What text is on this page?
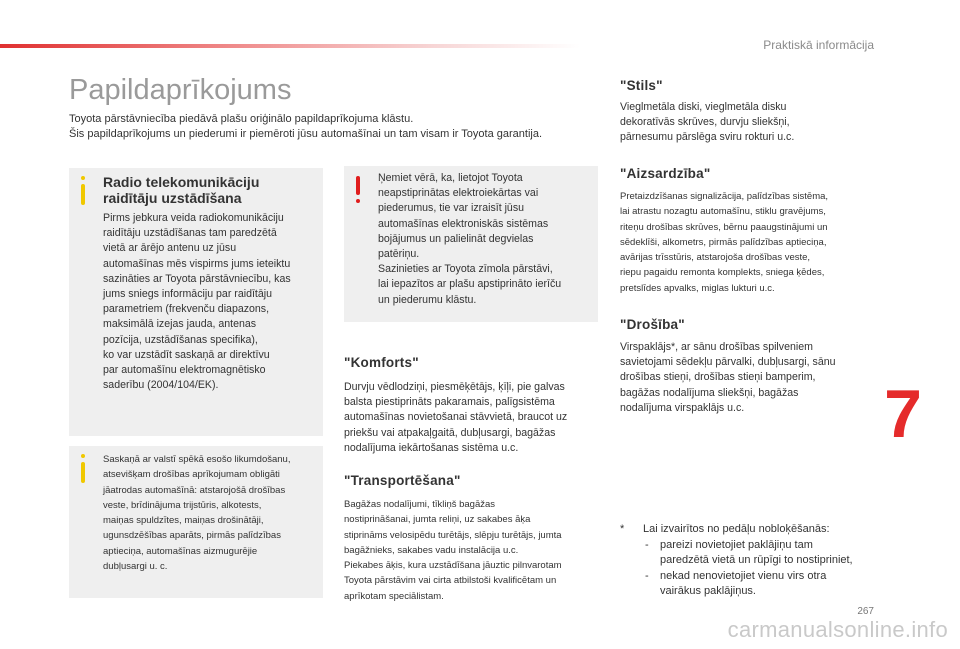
Praktiskā informācija
Papildaprīkojums
Toyota pārstāvniecība piedāvā plašu oriģinālo papildaprīkojuma klāstu.
Šis papildaprīkojums un piederumi ir piemēroti jūsu automašīnai un tam visam ir Toyota garantija.
Radio telekomunikāciju
raidītāju uzstādīšana
Pirms jebkura veida radiokomunikāciju
raidītāju uzstādīšanas tam paredzētā
vietā ar ārējo antenu uz jūsu
automašīnas mēs vispirms jums ieteiktu
sazināties ar Toyota pārstāvniecību, kas
jums sniegs informāciju par raidītāju
parametriem (frekvenču diapazons,
maksimālā izejas jauda, antenas
pozīcija, uzstādīšanas specifika),
ko var uzstādīt saskaņā ar direktīvu
par automašīnu elektromagnētisko
saderību (2004/104/EK).
Saskaņā ar valstī spēkā esošo likumdošanu,
atsevišķam drošības aprīkojumam obligāti
jāatrodas automašīnā: atstarojošā drošības
veste, brīdinājuma trijstūris, alkotests,
maiņas spuldzītes, maiņas drošinātāji,
ugunsdzēšības aparāts, pirmās palīdzības
aptieciņa, automašīnas aizmugurējie
dubļusargi u. c.
Ņemiet vērā, ka, lietojot Toyota
neapstiprinātas elektroiekārtas vai
piederumus, tie var izraisīt jūsu
automašīnas elektroniskās sistēmas
bojājumus un palielināt degvielas
patēriņu.
Sazinieties ar Toyota zīmola pārstāvi,
lai iepazītos ar plašu apstiprināto ierīču
un piederumu klāstu.
"Komforts"
Durvju vēdlodziņi, piesmēķētājs, ķīļi, pie galvas
balsta piestiprināts pakaramais, palīgsistēma
automašīnas novietošanai stāvvietā, braucot uz
priekšu vai atpakaļgaitā, dubļusargi, bagāžas
nodalījuma iekārtošanas sistēma u.c.
"Transportēšana"
Bagāžas nodalījumi, tīkliņš bagāžas
nostiprināšanai, jumta reliņi, uz sakabes āķa
stiprināms velosipēdu turētājs, slēpju turētājs, jumta
bagāžnieks, sakabes vadu instalācija u.c.
Piekabes āķis, kura uzstādīšana jāuztic pilnvarotam
Toyota pārstāvim vai cirta atbilstoši kvalificētam un
aprīkotam speciālistam.
"Stils"
Vieglmetāla diski, vieglmetāla disku
dekoratīvās skrūves, durvju sliekšņi,
pārnesumu pārslēga sviru rokturi u.c.
"Aizsardzība"
Pretaizdzīšanas signalizācija, palīdzības sistēma,
lai atrastu nozagtu automašīnu, stiklu gravējums,
riteņu drošības skrūves, bērnu paaugstinājumi un
sēdeklīši, alkometrs, pirmās palīdzības aptieciņa,
avārijas trīsstūris, atstarojoša drošības veste,
riepu pagaidu remonta komplekts, sniega ķēdes,
pretslīdes apvalks, miglas lukturi u.c.
"Drošība"
Virspaklājs*, ar sānu drošības spilveniem
savietojami sēdekļu pārvalki, dubļusargi, sānu
drošības stieņi, drošības stieņi bamperim,
bagāžas nodalījuma sliekšņi, bagāžas
nodalījuma virspaklājs u.c.	7
* Lai izvairītos no pedāļu nobloķēšanās:
-	pareizi novietojiet paklājiņu tam
paredzētā vietā un rūpīgi to nostipriniet,
-	nekad nenovietojiet vienu virs otra
vairākus paklājiņus.
267
carmanualsonline.info
